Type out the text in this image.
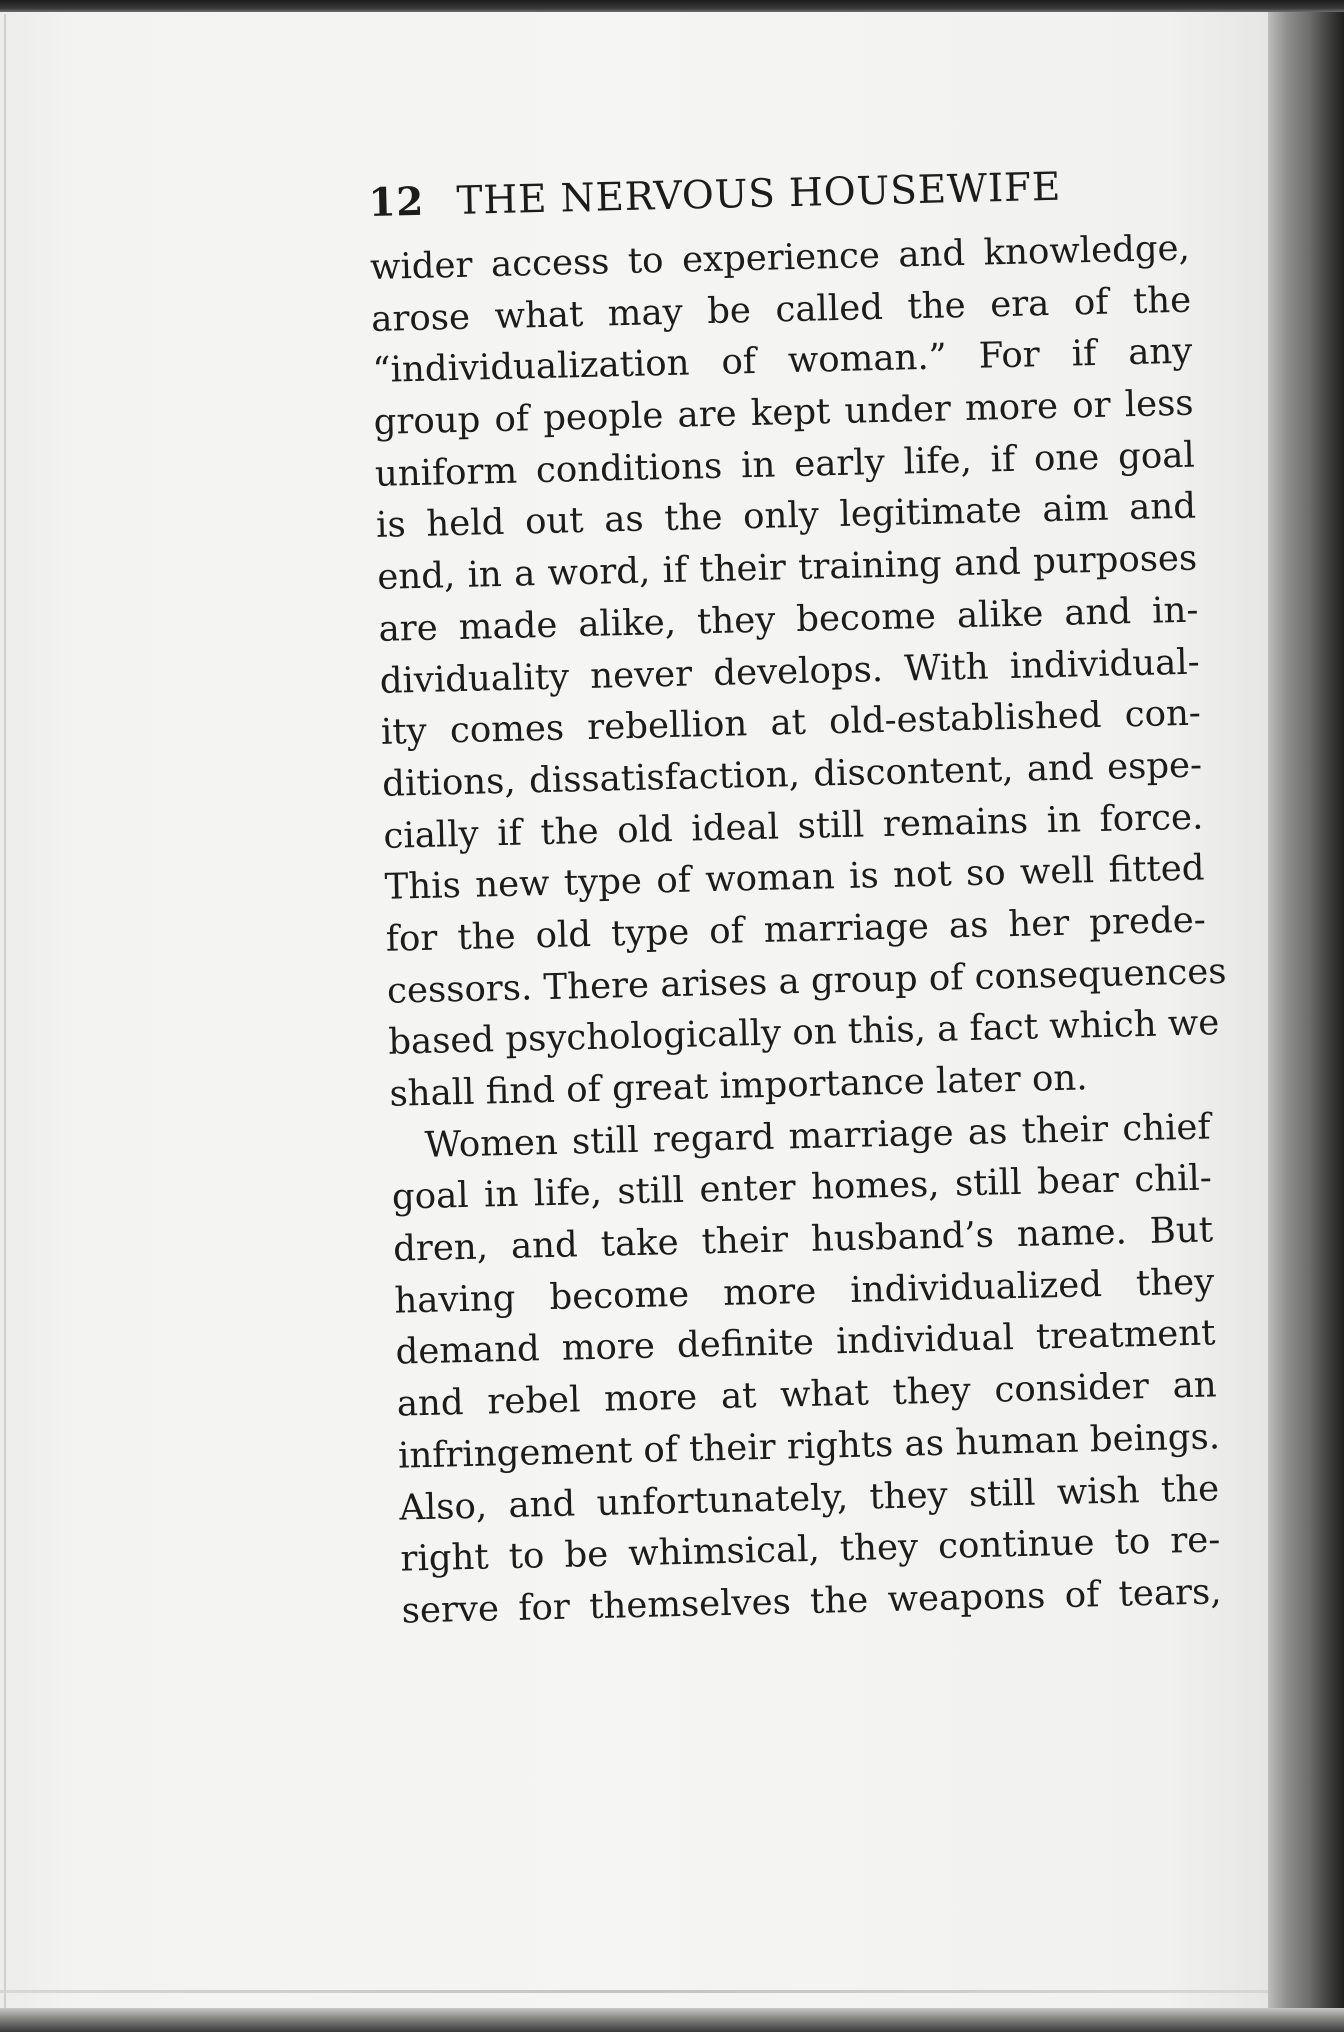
12 THE NERVOUS HOUSEWIFE
wider access to experience and knowledge,
arose what may be called the era of the
“individualization of woman.” For if any
group of people are kept under more or less
uniform conditions in early life, if one goal
is held out as the only legitimate aim and
end, in a word, if their training and purposes
are made alike, they become alike and in-
dividuality never develops. With individual-
ity comes rebellion at old-established con-
ditions, dissatisfaction, discontent, and espe-
cially if the old ideal still remains in force.
This new type of woman is not so well fitted
for the old type of marriage as her prede-
cessors. There arises a group of consequences
based psychologically on this, a fact which we
shall find of great importance later on.
Women still regard marriage as their chief
goal in life, still enter homes, still bear chil-
dren, and take their husband’s name. But
having become more individualized they
demand more definite individual treatment
and rebel more at what they consider an
infringement of their rights as human beings.
Also, and unfortunately, they still wish the
right to be whimsical, they continue to re-
serve for themselves the weapons of tears,
